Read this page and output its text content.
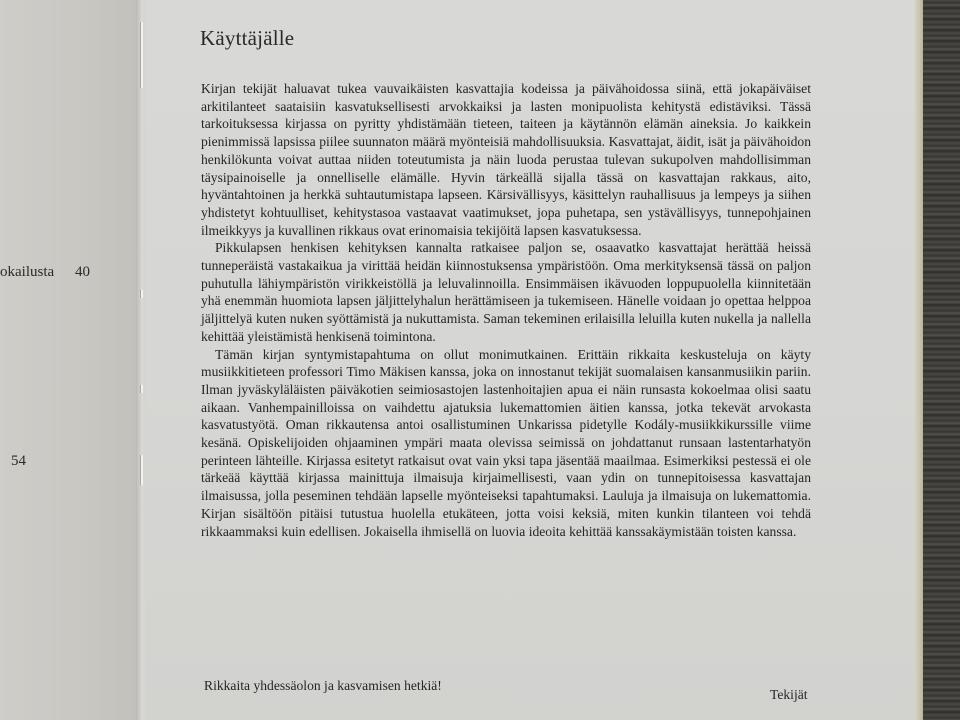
okailusta 40
54
Käyttäjälle

Kirjan tekijät haluavat tukea vauvaikäisten kasvattajia kodeissa ja päivähoidossa siinä, että jokapäiväiset arkitilanteet saataisiin kasvatuksellisesti arvokkaiksi ja lasten monipuolista kehitystä edistäviksi. Tässä tarkoituksessa kirjassa on pyritty yhdistämään tieteen, taiteen ja käytännön elämän aineksia. Jo kaikkein pienimmissä lapsissa piilee suunnaton määrä myönteisiä mahdollisuuksia. Kasvattajat, äidit, isät ja päivähoidon henkilökunta voivat auttaa niiden toteutumista ja näin luoda perustaa tulevan sukupolven mahdollisimman täysipainoiselle ja onnelliselle elämälle. Hyvin tärkeällä sijalla tässä on kasvattajan rakkaus, aito, hyväntahtoinen ja herkkä suhtautumistapa lapseen. Kärsivällisyys, käsittelyn rauhallisuus ja lempeys ja siihen yhdistetyt kohtuulliset, kehitystasoa vastaavat vaatimukset, jopa puhetapa, sen ystävällisyys, tunnepohjainen ilmeikkyys ja kuvallinen rikkaus ovat erinomaisia tekijöitä lapsen kasvatuksessa.

Pikkulapsen henkisen kehityksen kannalta ratkaisee paljon se, osaavatko kasvattajat herättää heissä tunneperäistä vastakaikua ja virittää heidän kiinnostuksensa ympäristöön. Oma merkityksensä tässä on paljon puhutulla lähiympäristön virikkeistöllä ja leluvalinnoilla. Ensimmäisen ikävuoden loppupuolella kiinnitetään yhä enemmän huomiota lapsen jäljittelyhalun herättämiseen ja tukemiseen. Hänelle voidaan jo opettaa helppoa jäljittelyä kuten nuken syöttämistä ja nukuttamista. Saman tekeminen erilaisilla leluilla kuten nukella ja nallella kehittää yleistämistä henkisenä toimintona.

Tämän kirjan syntymistapahtuma on ollut monimutkainen. Erittäin rikkaita keskusteluja on käyty musiikkitieteen professori Timo Mäkisen kanssa, joka on innostanut tekijät suomalaisen kansanmusiikin pariin. Ilman jyväskyläläisten päiväkotien seimiosastojen lastenhoitajien apua ei näin runsasta kokoelmaa olisi saatu aikaan. Vanhempainilloissa on vaihdettu ajatuksia lukemattomien äitien kanssa, jotka tekevät arvokasta kasvatustyötä. Oman rikkautensa antoi osallistuminen Unkarissa pidetylle Kodály-musiikkikurssille viime kesänä. Opiskelijoiden ohjaaminen ympäri maata olevissa seimissä on johdattanut runsaan lastentarhatyön perinteen lähteille. Kirjassa esitetyt ratkaisut ovat vain yksi tapa jäsentää maailmaa. Esimerkiksi pestessä ei ole tärkeää käyttää kirjassa mainittuja ilmaisuja kirjaimellisesti, vaan ydin on tunnepitoisessa kasvattajan ilmaisussa, jolla peseminen tehdään lapselle myönteiseksi tapahtumaksi. Lauluja ja ilmaisuja on lukemattomia. Kirjan sisältöön pitäisi tutustua huolella etukäteen, jotta voisi keksiä, miten kunkin tilanteen voi tehdä rikkaammaksi kuin edellisen. Jokaisella ihmisellä on luovia ideoita kehittää kanssakäymistään toisten kanssa.

Rikkaita yhdessäolon ja kasvamisen hetkiä!
Tekijät
